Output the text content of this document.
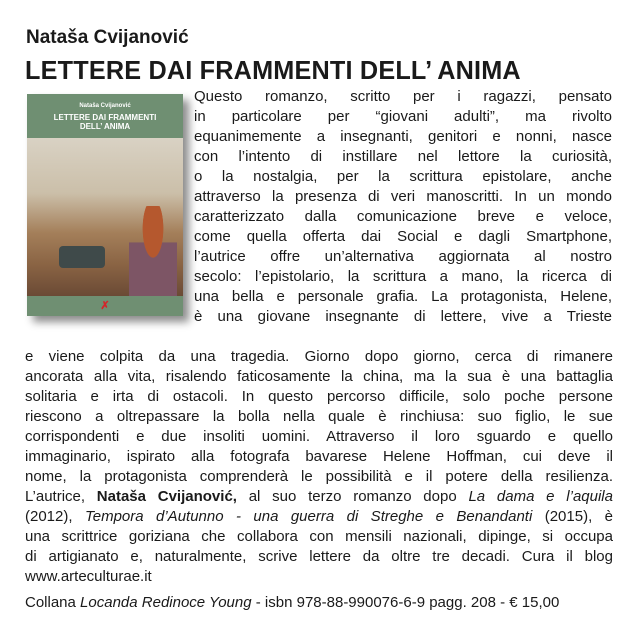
Nataša Cvijanović
LETTERE DAI FRAMMENTI DELL’ ANIMA
Nataša Cvijanović
LETTERE DAI FRAMMENTI
DELL’ ANIMA
✗
Questo romanzo, scritto per i ragazzi, pensato
in particolare per “giovani adulti”, ma rivolto
equanimemente a insegnanti, genitori e nonni, nasce
con l’intento di instillare nel lettore la curiosità,
o la nostalgia, per la scrittura epistolare, anche
attraverso la presenza di veri manoscritti. In un mondo
caratterizzato dalla comunicazione breve e veloce,
come quella offerta dai Social e dagli Smartphone,
l’autrice offre un’alternativa aggiornata al nostro
secolo: l’epistolario, la scrittura a mano, la ricerca di
una bella e personale grafia. La protagonista, Helene,
è una giovane insegnante di lettere, vive a Trieste
e viene colpita da una tragedia. Giorno dopo giorno, cerca di rimanere
ancorata alla vita, risalendo faticosamente la china, ma la sua è una battaglia
solitaria e irta di ostacoli. In questo percorso difficile, solo poche persone
riescono a oltrepassare la bolla nella quale è rinchiusa: suo figlio, le sue
corrispondenti e due insoliti uomini. Attraverso il loro sguardo e quello
immaginario, ispirato alla fotografa bavarese Helene Hoffman, cui deve il
nome, la protagonista comprenderà le possibilità e il potere della resilienza.
L’autrice, Nataša Cvijanović, al suo terzo romanzo dopo La dama e l’aquila
(2012), Tempora d’Autunno - una guerra di Streghe e Benandanti (2015), è
una scrittrice goriziana che collabora con mensili nazionali, dipinge, si occupa
di artigianato e, naturalmente, scrive lettere da oltre tre decadi. Cura il blog
www.arteculturae.it
Collana Locanda Redinoce Young - isbn 978-88-990076-6-9 pagg. 208 - € 15,00
